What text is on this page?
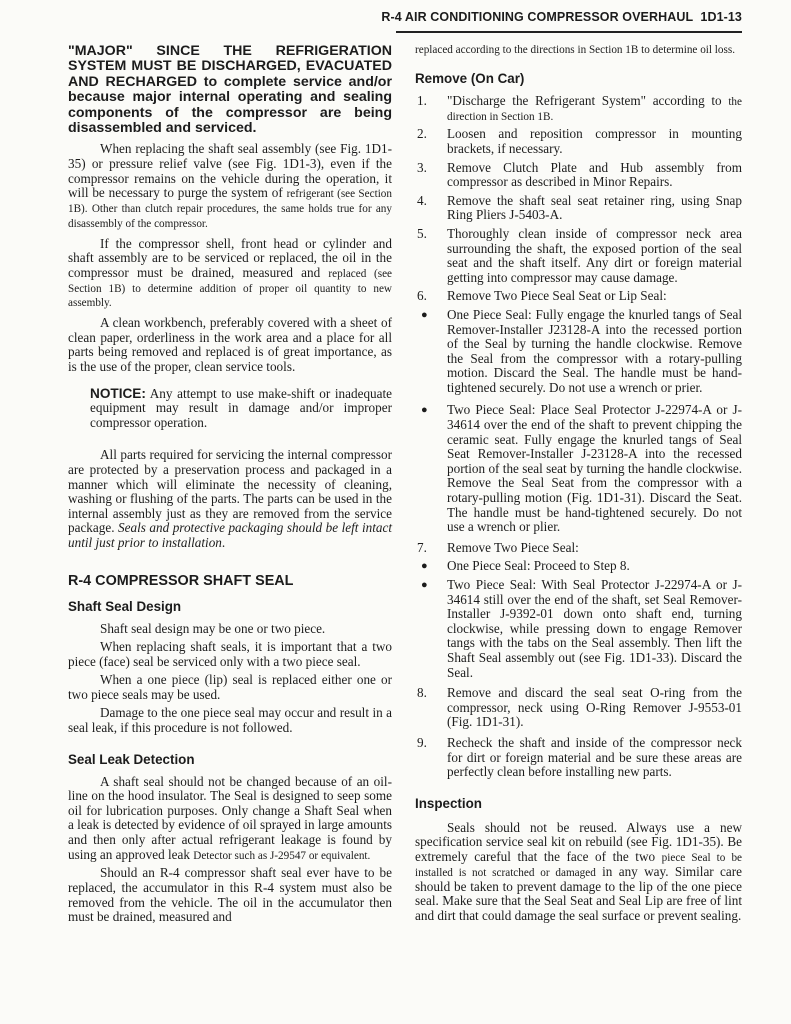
R-4 AIR CONDITIONING COMPRESSOR OVERHAUL 1D1-13

"MAJOR" SINCE THE REFRIGERATION SYSTEM MUST BE DISCHARGED, EVACUATED AND RECHARGED to complete service and/or because major internal operating and sealing components of the compressor are being disassembled and serviced.

When replacing the shaft seal assembly (see Fig. 1D1-35) or pressure relief valve (see Fig. 1D1-3), even if the compressor remains on the vehicle during the operation, it will be necessary to purge the system of refrigerant (see Section 1B). Other than clutch repair procedures, the same holds true for any disassembly of the compressor.

If the compressor shell, front head or cylinder and shaft assembly are to be serviced or replaced, the oil in the compressor must be drained, measured and replaced (see Section 1B) to determine addition of proper oil quantity to new assembly.

A clean workbench, preferably covered with a sheet of clean paper, orderliness in the work area and a place for all parts being removed and replaced is of great importance, as is the use of the proper, clean service tools.

NOTICE: Any attempt to use make-shift or inadequate equipment may result in damage and/or improper compressor operation.

All parts required for servicing the internal compressor are protected by a preservation process and packaged in a manner which will eliminate the necessity of cleaning, washing or flushing of the parts. The parts can be used in the internal assembly just as they are removed from the service package. Seals and protective packaging should be left intact until just prior to installation.

R-4 COMPRESSOR SHAFT SEAL
Shaft Seal Design

Shaft seal design may be one or two piece.

When replacing shaft seals, it is important that a two piece (face) seal be serviced only with a two piece seal.

When a one piece (lip) seal is replaced either one or two piece seals may be used.

Damage to the one piece seal may occur and result in a seal leak, if this procedure is not followed.

Seal Leak Detection

A shaft seal should not be changed because of an oil-line on the hood insulator. The Seal is designed to seep some oil for lubrication purposes. Only change a Shaft Seal when a leak is detected by evidence of oil sprayed in large amounts and then only after actual refrigerant leakage is found by using an approved leak Detector such as J-29547 or equivalent.

Should an R-4 compressor shaft seal ever have to be replaced, the accumulator in this R-4 system must also be removed from the vehicle. The oil in the accumulator then must be drained, measured and

replaced according to the directions in Section 1B to determine oil loss.

Remove (On Car)
1.	"Discharge the Refrigerant System" according to the direction in Section 1B.
2.	Loosen and reposition compressor in mounting brackets, if necessary.
3.	Remove Clutch Plate and Hub assembly from compressor as described in Minor Repairs.
4.	Remove the shaft seal seat retainer ring, using Snap Ring Pliers J-5403-A.
5.	Thoroughly clean inside of compressor neck area surrounding the shaft, the exposed portion of the seal seat and the shaft itself. Any dirt or foreign material getting into compressor may cause damage.
6.	Remove Two Piece Seal Seat or Lip Seal:
●	One Piece Seal: Fully engage the knurled tangs of Seal Remover-Installer J23128-A into the recessed portion of the Seal by turning the handle clockwise. Remove the Seal from the compressor with a rotary-pulling motion. Discard the Seal. The handle must be hand-tightened securely. Do not use a wrench or prier.
●	Two Piece Seal: Place Seal Protector J-22974-A or J-34614 over the end of the shaft to prevent chipping the ceramic seat. Fully engage the knurled tangs of Seal Seat Remover-Installer J-23128-A into the recessed portion of the seal seat by turning the handle clockwise. Remove the Seal Seat from the compressor with a rotary-pulling motion (Fig. 1D1-31). Discard the Seat. The handle must be hand-tightened securely. Do not use a wrench or plier.
7.	Remove Two Piece Seal:
●	One Piece Seal: Proceed to Step 8.
●	Two Piece Seal: With Seal Protector J-22974-A or J-34614 still over the end of the shaft, set Seal Remover-Installer J-9392-01 down onto shaft end, turning clockwise, while pressing down to engage Remover tangs with the tabs on the Seal assembly. Then lift the Shaft Seal assembly out (see Fig. 1D1-33). Discard the Seal.
8.	Remove and discard the seal seat O-ring from the compressor, neck using O-Ring Remover J-9553-01 (Fig. 1D1-31).
9.	Recheck the shaft and inside of the compressor neck for dirt or foreign material and be sure these areas are perfectly clean before installing new parts.
Inspection

Seals should not be reused. Always use a new specification service seal kit on rebuild (see Fig. 1D1-35). Be extremely careful that the face of the two piece Seal to be installed is not scratched or damaged in any way. Similar care should be taken to prevent damage to the lip of the one piece seal. Make sure that the Seal Seat and Seal Lip are free of lint and dirt that could damage the seal surface or prevent sealing.
